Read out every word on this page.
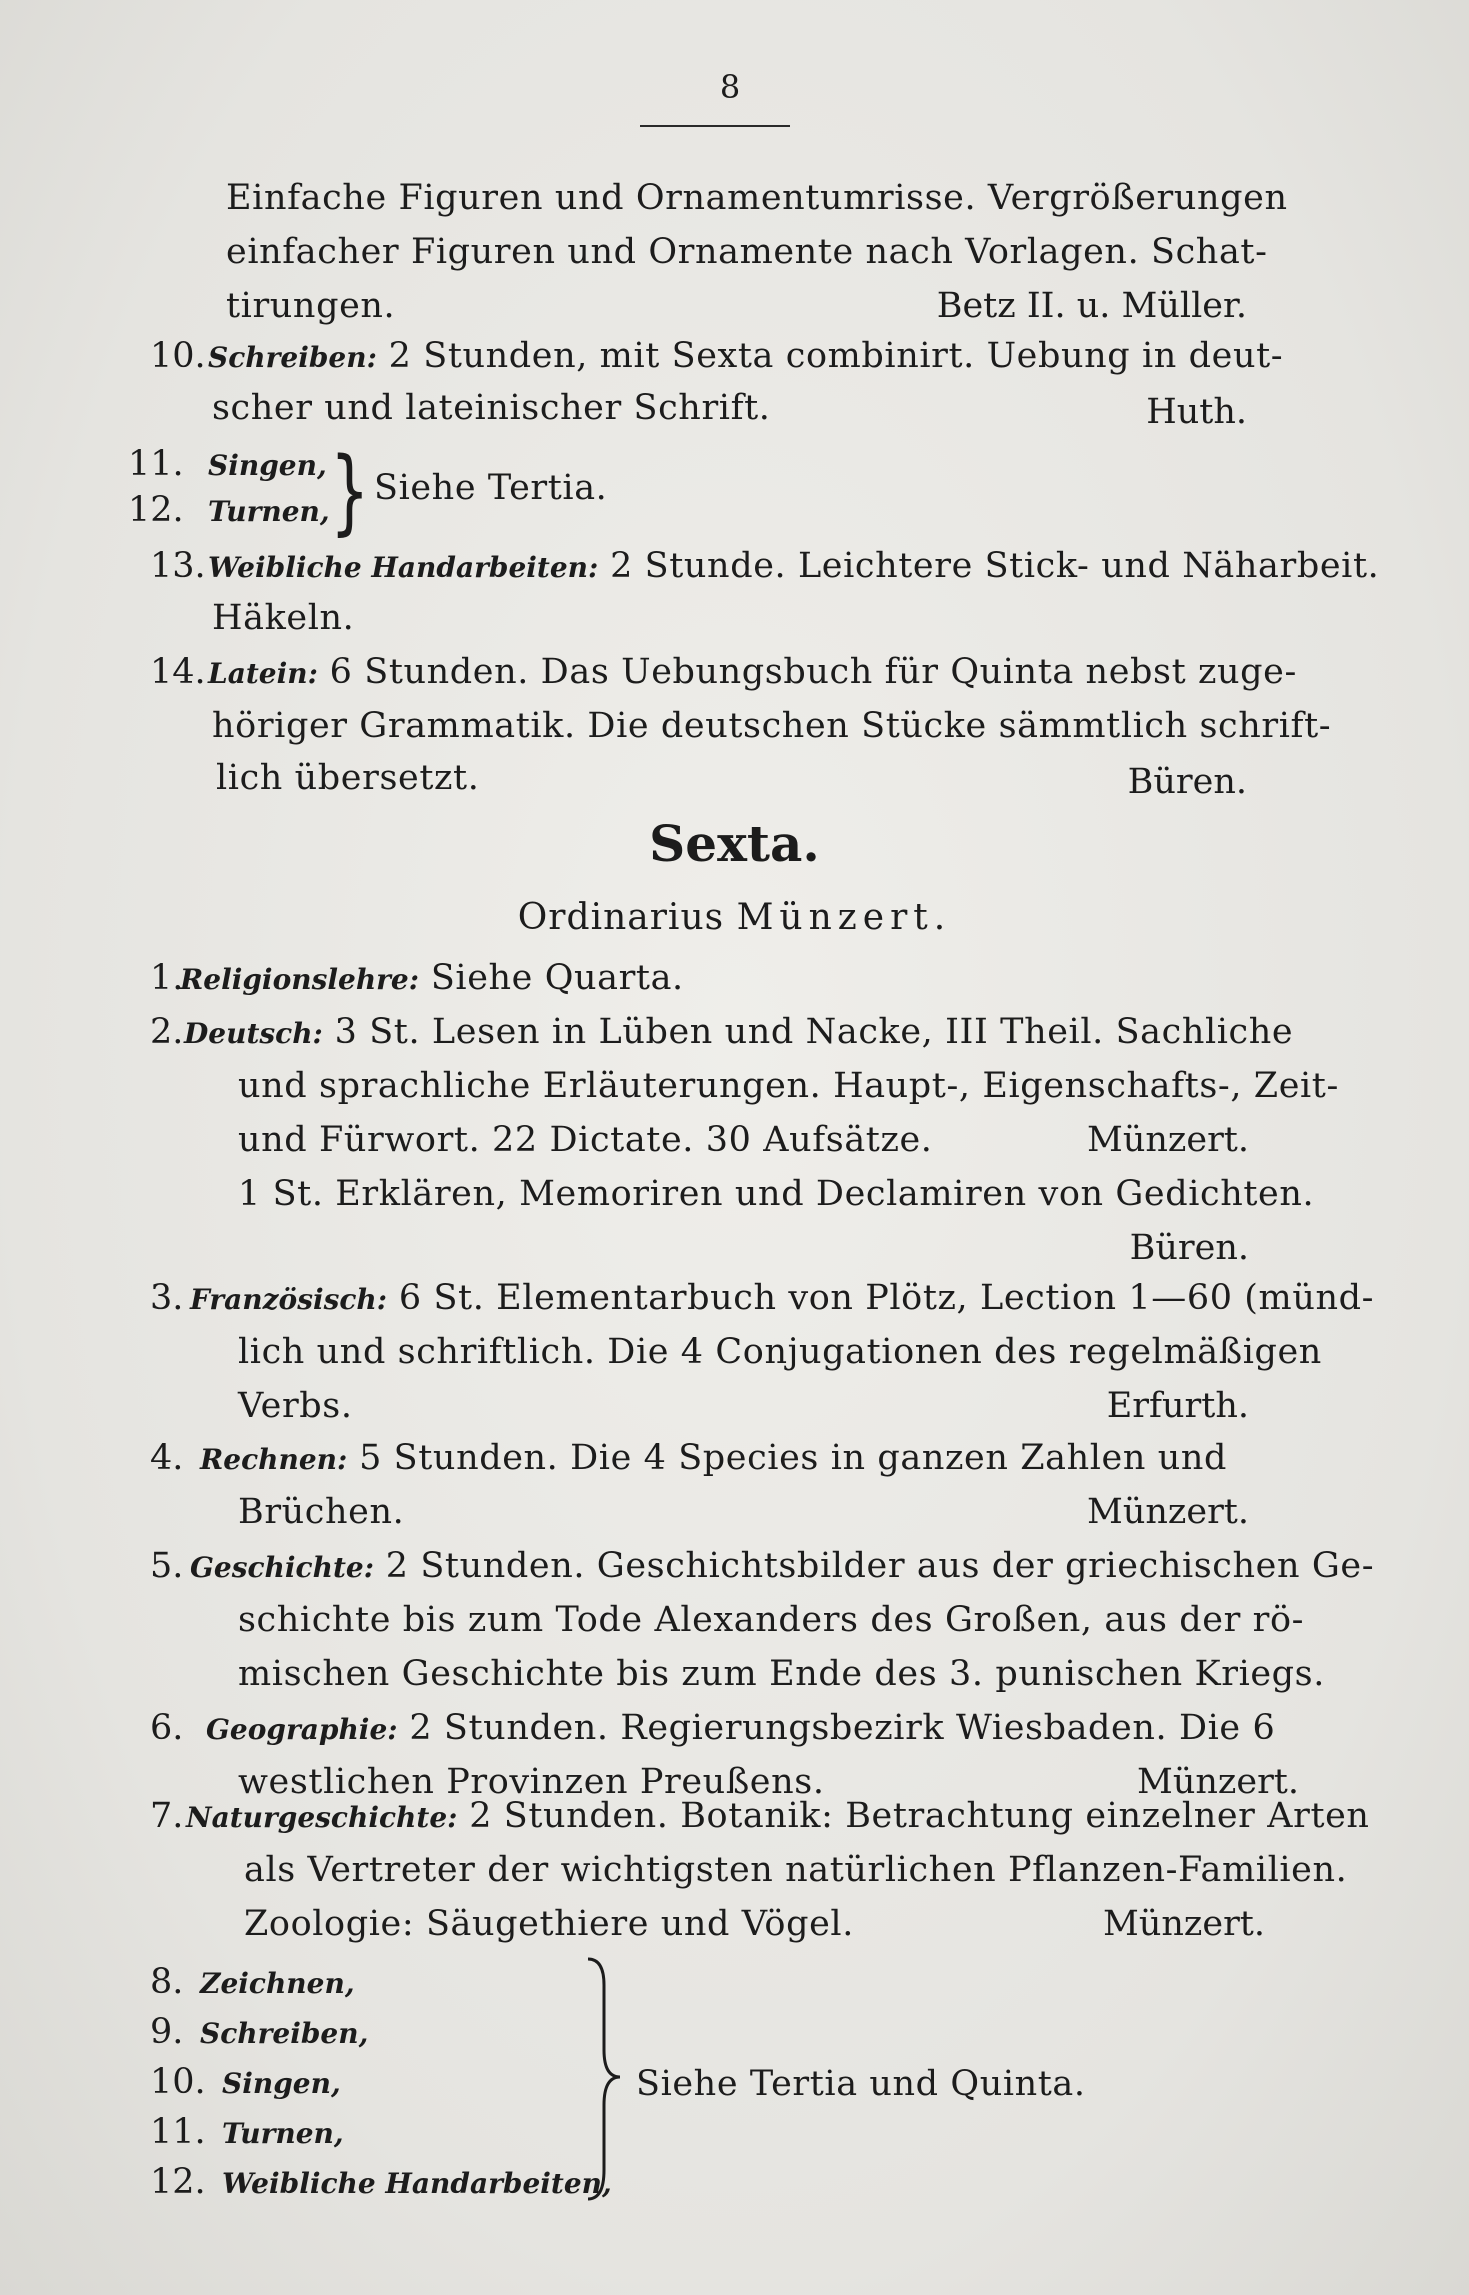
8
Einfache Figuren und Ornamentumrisse. Vergrößerungen
einfacher Figuren und Ornamente nach Vorlagen. Schat-
tirungen.	Betz II. u. Müller.
10. Schreiben: 2 Stunden, mit Sexta combinirt. Uebung in deut-
scher und lateinischer Schrift.	Huth.
11. Singen,
12. Turnen, } Siehe Tertia.
13. Weibliche Handarbeiten: 2 Stunde. Leichtere Stick- und Näharbeit.
Häkeln.
14. Latein: 6 Stunden. Das Uebungsbuch für Quinta nebst zuge-
höriger Grammatik. Die deutschen Stücke sämmtlich schrift-
lich übersetzt.	Büren.
Sexta.
Ordinarius Münzert.
1.
Religionslehre: Siehe Quarta.
2. Deutsch: 3 St. Lesen in Lüben und Nacke, III Theil. Sachliche
und sprachliche Erläuterungen. Haupt-, Eigenschafts-, Zeit-
und Fürwort. 22 Dictate. 30 Aufsätze.	Münzert.
1 St. Erklären, Memoriren und Declamiren von Gedichten.
Büren.
3. Französisch: 6 St. Elementarbuch von Plötz, Lection 1—60 (münd-
lich und schriftlich. Die 4 Conjugationen des regelmäßigen
Verbs.	Erfurth.
4. Rechnen: 5 Stunden. Die 4 Species in ganzen Zahlen und
Brüchen.	Münzert.
5. Geschichte: 2 Stunden. Geschichtsbilder aus der griechischen Ge-
schichte bis zum Tode Alexanders des Großen, aus der rö-
mischen Geschichte bis zum Ende des 3. punischen Kriegs.
6. Geographie: 2 Stunden. Regierungsbezirk Wiesbaden. Die 6
westlichen Provinzen Preußens.	Münzert.
7. Naturgeschichte: 2 Stunden. Botanik: Betrachtung einzelner Arten
als Vertreter der wichtigsten natürlichen Pflanzen-Familien.
Zoologie: Säugethiere und Vögel.	Münzert.
8. Zeichnen,
9. Schreiben,
10. Singen,
11. Turnen,
12. Weibliche Handarbeiten,
Siehe Tertia und Quinta.
